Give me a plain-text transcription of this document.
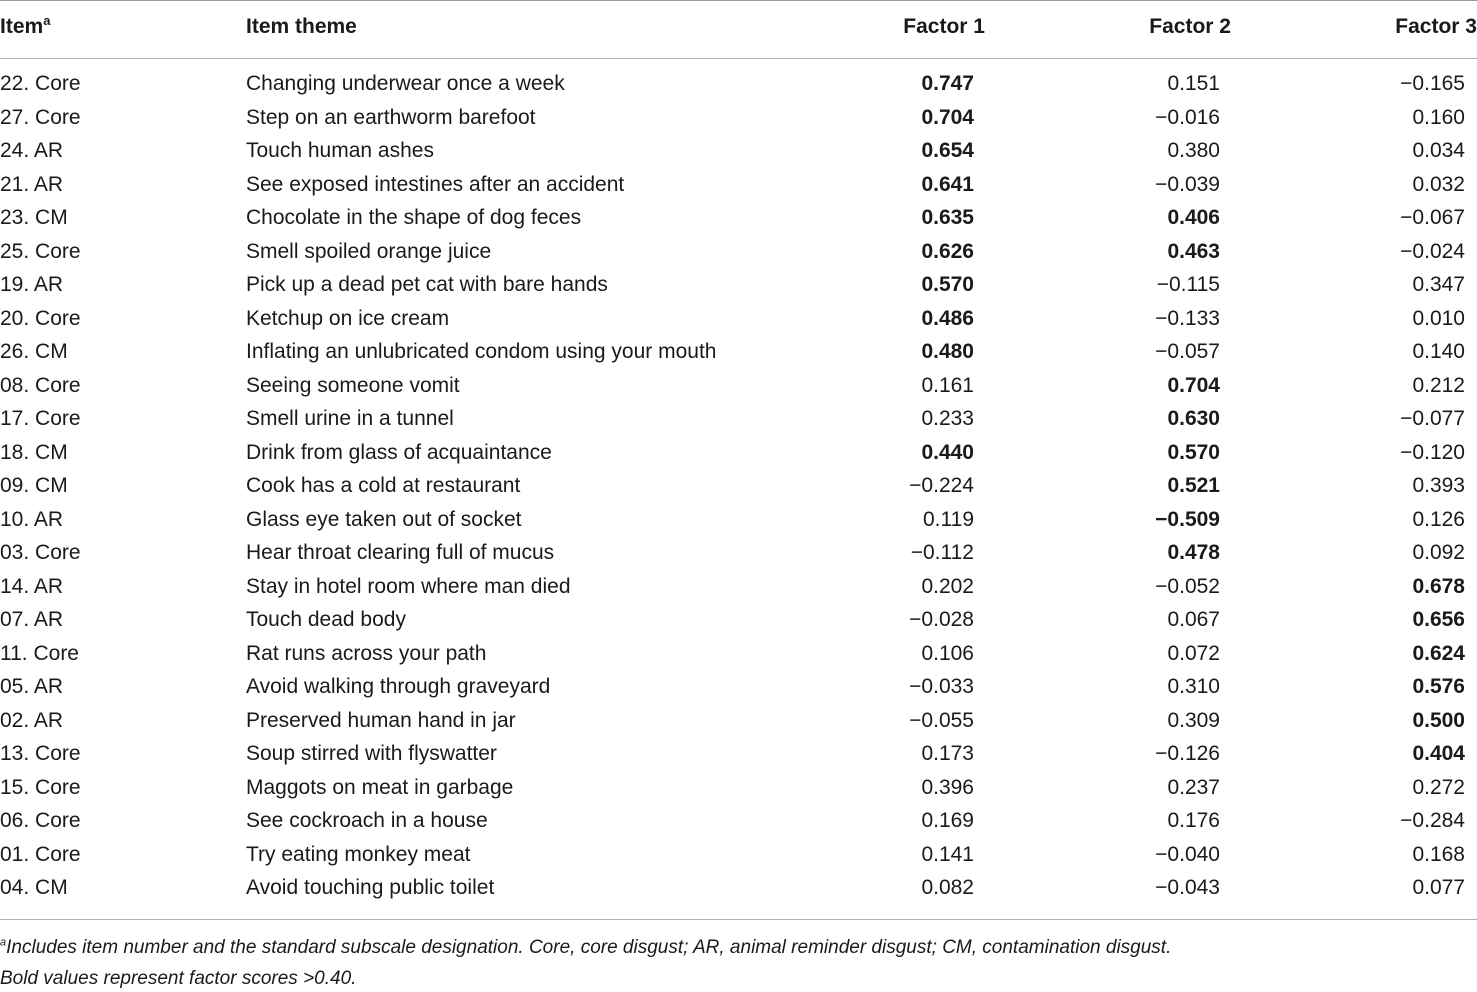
Item$^a$	Item theme	Factor 1	Factor 2	Factor 3
22. Core	Changing underwear once a week	0.747	0.151	−0.165
27. Core	Step on an earthworm barefoot	0.704	−0.016	0.160
24. AR	Touch human ashes	0.654	0.380	0.034
21. AR	See exposed intestines after an accident	0.641	−0.039	0.032
23. CM	Chocolate in the shape of dog feces	0.635	0.406	−0.067
25. Core	Smell spoiled orange juice	0.626	0.463	−0.024
19. AR	Pick up a dead pet cat with bare hands	0.570	−0.115	0.347
20. Core	Ketchup on ice cream	0.486	−0.133	0.010
26. CM	Inflating an unlubricated condom using your mouth	0.480	−0.057	0.140
08. Core	Seeing someone vomit	0.161	0.704	0.212
17. Core	Smell urine in a tunnel	0.233	0.630	−0.077
18. CM	Drink from glass of acquaintance	0.440	0.570	−0.120
09. CM	Cook has a cold at restaurant	−0.224	0.521	0.393
10. AR	Glass eye taken out of socket	0.119	−0.509	0.126
03. Core	Hear throat clearing full of mucus	−0.112	0.478	0.092
14. AR	Stay in hotel room where man died	0.202	−0.052	0.678
07. AR	Touch dead body	−0.028	0.067	0.656
11. Core	Rat runs across your path	0.106	0.072	0.624
05. AR	Avoid walking through graveyard	−0.033	0.310	0.576
02. AR	Preserved human hand in jar	−0.055	0.309	0.500
13. Core	Soup stirred with flyswatter	0.173	−0.126	0.404
15. Core	Maggots on meat in garbage	0.396	0.237	0.272
06. Core	See cockroach in a house	0.169	0.176	−0.284
01. Core	Try eating monkey meat	0.141	−0.040	0.168
04. CM	Avoid touching public toilet	0.082	−0.043	0.077
$^a$Includes item number and the standard subscale designation. Core, core disgust; AR, animal reminder disgust; CM, contamination disgust.
Bold values represent factor scores >0.40.
